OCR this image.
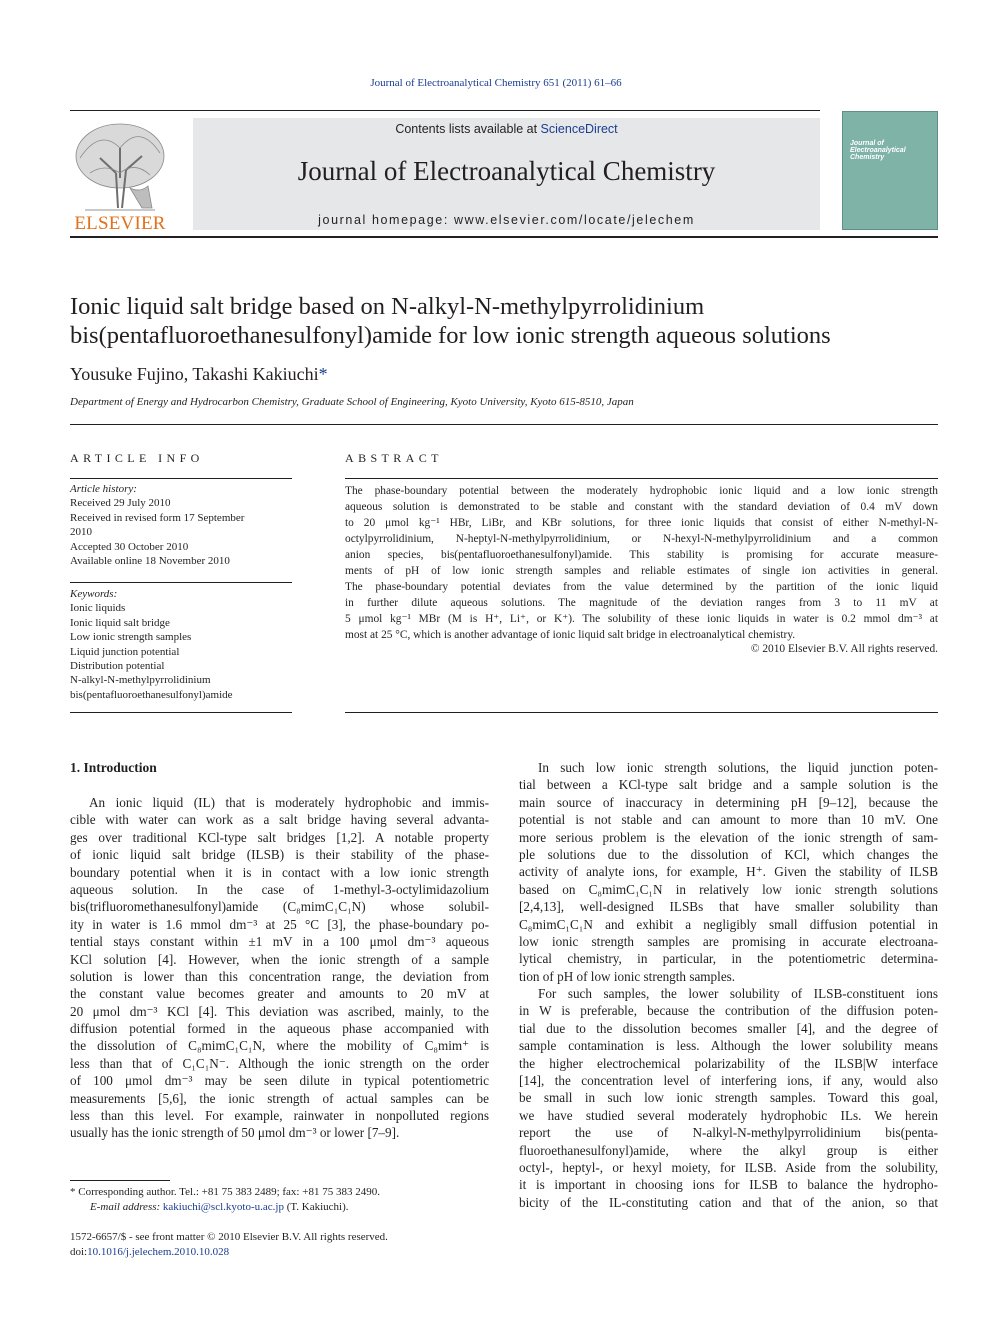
Journal of Electroanalytical Chemistry 651 (2011) 61–66
ELSEVIER
Contents lists available at ScienceDirect
Journal of Electroanalytical Chemistry
journal homepage: www.elsevier.com/locate/jelechem
Journal of Electroanalytical Chemistry
Ionic liquid salt bridge based on N-alkyl-N-methylpyrrolidinium
bis(pentafluoroethanesulfonyl)amide for low ionic strength aqueous solutions
Yousuke Fujino, Takashi Kakiuchi*
Department of Energy and Hydrocarbon Chemistry, Graduate School of Engineering, Kyoto University, Kyoto 615-8510, Japan
ARTICLE INFO	ABSTRACT
Article history:
Received 29 July 2010
Received in revised form 17 September
2010
Accepted 30 October 2010
Available online 18 November 2010
Keywords:
Ionic liquids
Ionic liquid salt bridge
Low ionic strength samples
Liquid junction potential
Distribution potential
N-alkyl-N-methylpyrrolidinium
bis(pentafluoroethanesulfonyl)amide
The phase-boundary potential between the moderately hydrophobic ionic liquid and a low ionic strength
aqueous solution is demonstrated to be stable and constant with the standard deviation of 0.4 mV down
to 20 μmol kg⁻¹ HBr, LiBr, and KBr solutions, for three ionic liquids that consist of either N-methyl-N-
octylpyrrolidinium, N-heptyl-N-methylpyrrolidinium, or N-hexyl-N-methylpyrrolidinium and a common
anion species, bis(pentafluoroethanesulfonyl)amide. This stability is promising for accurate measure-
ments of pH of low ionic strength samples and reliable estimates of single ion activities in general.
The phase-boundary potential deviates from the value determined by the partition of the ionic liquid
in further dilute aqueous solutions. The magnitude of the deviation ranges from 3 to 11 mV at
5 μmol kg⁻¹ MBr (M is H⁺, Li⁺, or K⁺). The solubility of these ionic liquids in water is 0.2 mmol dm⁻³ at
most at 25 °C, which is another advantage of ionic liquid salt bridge in electroanalytical chemistry.
© 2010 Elsevier B.V. All rights reserved.
1. Introduction
An ionic liquid (IL) that is moderately hydrophobic and immis-
cible with water can work as a salt bridge having several advanta-
ges over traditional KCl-type salt bridges [1,2]. A notable property
of ionic liquid salt bridge (ILSB) is their stability of the phase-
boundary potential when it is in contact with a low ionic strength
aqueous solution. In the case of 1-methyl-3-octylimidazolium
bis(trifluoromethanesulfonyl)amide (C₈mimC₁C₁N) whose solubil-
ity in water is 1.6 mmol dm⁻³ at 25 °C [3], the phase-boundary po-
tential stays constant within ±1 mV in a 100 μmol dm⁻³ aqueous
KCl solution [4]. However, when the ionic strength of a sample
solution is lower than this concentration range, the deviation from
the constant value becomes greater and amounts to 20 mV at
20 μmol dm⁻³ KCl [4]. This deviation was ascribed, mainly, to the
diffusion potential formed in the aqueous phase accompanied with
the dissolution of C₈mimC₁C₁N, where the mobility of C₈mim⁺ is
less than that of C₁C₁N⁻. Although the ionic strength on the order
of 100 μmol dm⁻³ may be seen dilute in typical potentiometric
measurements [5,6], the ionic strength of actual samples can be
less than this level. For example, rainwater in nonpolluted regions
usually has the ionic strength of 50 μmol dm⁻³ or lower [7–9].
In such low ionic strength solutions, the liquid junction poten-
tial between a KCl-type salt bridge and a sample solution is the
main source of inaccuracy in determining pH [9–12], because the
potential is not stable and can amount to more than 10 mV. One
more serious problem is the elevation of the ionic strength of sam-
ple solutions due to the dissolution of KCl, which changes the
activity of analyte ions, for example, H⁺. Given the stability of ILSB
based on C₈mimC₁C₁N in relatively low ionic strength solutions
[2,4,13], well-designed ILSBs that have smaller solubility than
C₈mimC₁C₁N and exhibit a negligibly small diffusion potential in
low ionic strength samples are promising in accurate electroana-
lytical chemistry, in particular, in the potentiometric determina-
tion of pH of low ionic strength samples.
For such samples, the lower solubility of ILSB-constituent ions
in W is preferable, because the contribution of the diffusion poten-
tial due to the dissolution becomes smaller [4], and the degree of
sample contamination is less. Although the lower solubility means
the higher electrochemical polarizability of the ILSB|W interface
[14], the concentration level of interfering ions, if any, would also
be small in such low ionic strength samples. Toward this goal,
we have studied several moderately hydrophobic ILs. We herein
report the use of N-alkyl-N-methylpyrrolidinium bis(penta-
fluoroethanesulfonyl)amide, where the alkyl group is either
octyl-, heptyl-, or hexyl moiety, for ILSB. Aside from the solubility,
it is important in choosing ions for ILSB to balance the hydropho-
bicity of the IL-constituting cation and that of the anion, so that
* Corresponding author. Tel.: +81 75 383 2489; fax: +81 75 383 2490.
E-mail address: kakiuchi@scl.kyoto-u.ac.jp (T. Kakiuchi).
1572-6657/$ - see front matter © 2010 Elsevier B.V. All rights reserved.
doi:10.1016/j.jelechem.2010.10.028
